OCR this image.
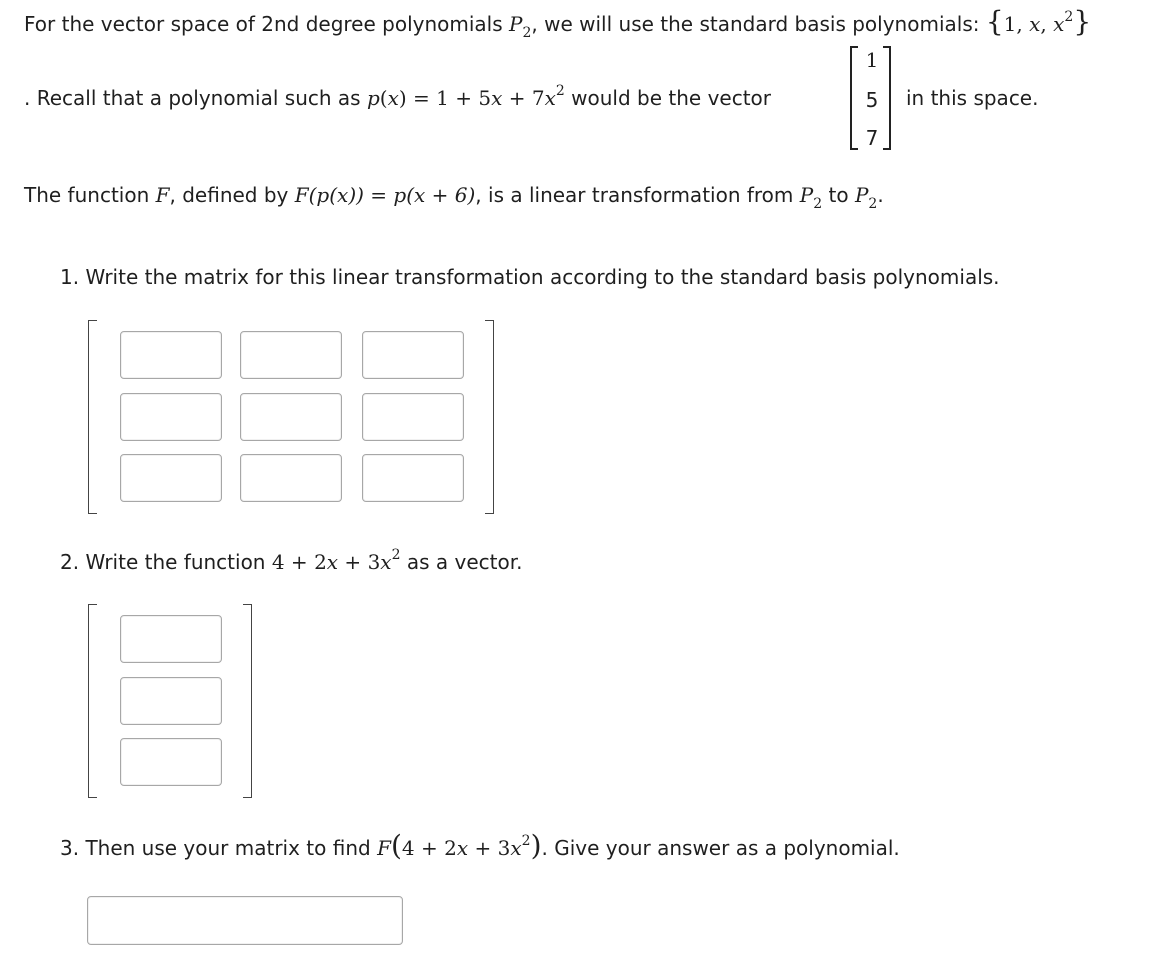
For the vector space of 2nd degree polynomials $P_2$, we will use the standard basis polynomials: {1, x, $x^2$}
. Recall that a polynomial such as $p(x) = 1 + 5x + 7x^2$ would be the vector
1
5
7
in this space.
The function F, defined by F(p(x)) = p(x + 6), is a linear transformation from $P_2$ to $P_2$.
1. Write the matrix for this linear transformation according to the standard basis polynomials.
2. Write the function $4 + 2x + 3x^2$ as a vector.
3. Then use your matrix to find $F(4 + 2x + 3x^2)$. Give your answer as a polynomial.
